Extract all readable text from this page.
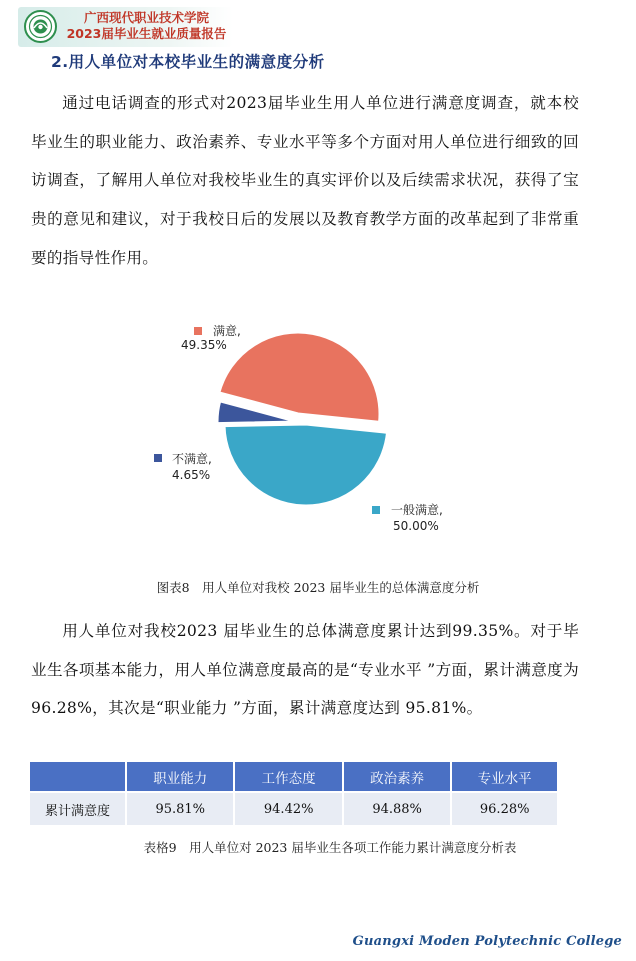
广西现代职业技术学院
2023届毕业生就业质量报告
2.用人单位对本校毕业生的满意度分析
通过电话调查的形式对2023届毕业生用人单位进行满意度调查，就本校毕业生的职业能力、政治素养、专业水平等多个方面对用人单位进行细致的回访调查，了解用人单位对我校毕业生的真实评价以及后续需求状况，获得了宝贵的意见和建议，对于我校日后的发展以及教育教学方面的改革起到了非常重要的指导性作用。
满意,
49.35%
一般满意,
50.00%
不满意,
4.65%
图表8　用人单位对我校 2023 届毕业生的总体满意度分析
用人单位对我校2023 届毕业生的总体满意度累计达到99.35%。对于毕业生各项基本能力，用人单位满意度最高的是“专业水平 ”方面，累计满意度为 96.28%，其次是“职业能力 ”方面，累计满意度达到 95.81%。
	职业能力	工作态度	政治素养	专业水平
累计满意度	95.81%	94.42%	94.88%	96.28%
表格9　用人单位对 2023 届毕业生各项工作能力累计满意度分析表
Guangxi Moden Polytechnic College
